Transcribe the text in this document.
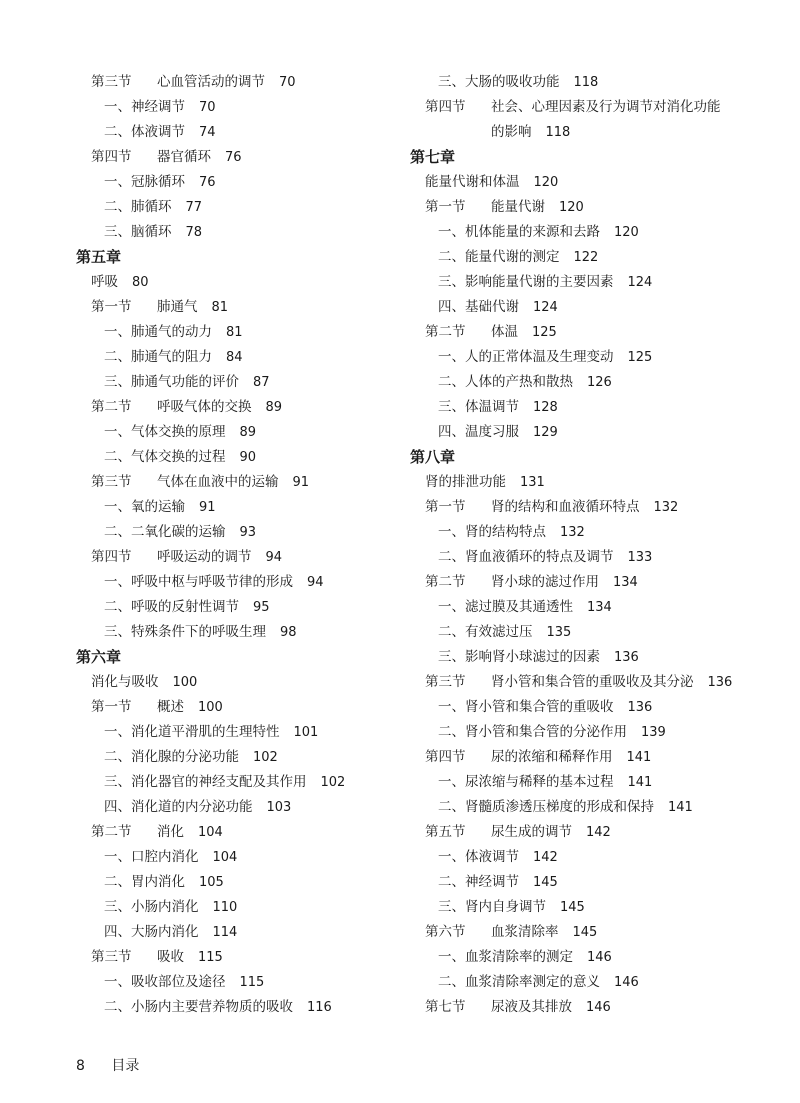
第三节	心血管活动的调节 70
一、神经调节 70
二、体液调节 74
第四节	器官循环 76
一、冠脉循环 76
二、肺循环 77
三、脑循环 78
第五章
呼吸 80
第一节	肺通气 81
一、肺通气的动力 81
二、肺通气的阻力 84
三、肺通气功能的评价 87
第二节	呼吸气体的交换 89
一、气体交换的原理 89
二、气体交换的过程 90
第三节	气体在血液中的运输 91
一、氧的运输 91
二、二氧化碳的运输 93
第四节	呼吸运动的调节 94
一、呼吸中枢与呼吸节律的形成 94
二、呼吸的反射性调节 95
三、特殊条件下的呼吸生理 98
第六章
消化与吸收 100
第一节	概述 100
一、消化道平滑肌的生理特性 101
二、消化腺的分泌功能 102
三、消化器官的神经支配及其作用 102
四、消化道的内分泌功能 103
第二节	消化 104
一、口腔内消化 104
二、胃内消化 105
三、小肠内消化 110
四、大肠内消化 114
第三节	吸收 115
一、吸收部位及途径 115
二、小肠内主要营养物质的吸收 116
三、大肠的吸收功能 118
第四节	社会、心理因素及行为调节对消化功能
的影响 118
第七章
能量代谢和体温 120
第一节	能量代谢 120
一、机体能量的来源和去路 120
二、能量代谢的测定 122
三、影响能量代谢的主要因素 124
四、基础代谢 124
第二节	体温 125
一、人的正常体温及生理变动 125
二、人体的产热和散热 126
三、体温调节 128
四、温度习服 129
第八章
肾的排泄功能 131
第一节	肾的结构和血液循环特点 132
一、肾的结构特点 132
二、肾血液循环的特点及调节 133
第二节	肾小球的滤过作用 134
一、滤过膜及其通透性 134
二、有效滤过压 135
三、影响肾小球滤过的因素 136
第三节	肾小管和集合管的重吸收及其分泌 136
一、肾小管和集合管的重吸收 136
二、肾小管和集合管的分泌作用 139
第四节	尿的浓缩和稀释作用 141
一、尿浓缩与稀释的基本过程 141
二、肾髓质渗透压梯度的形成和保持 141
第五节	尿生成的调节 142
一、体液调节 142
二、神经调节 145
三、肾内自身调节 145
第六节	血浆清除率 145
一、血浆清除率的测定 146
二、血浆清除率测定的意义 146
第七节	尿液及其排放 146
8 目录
